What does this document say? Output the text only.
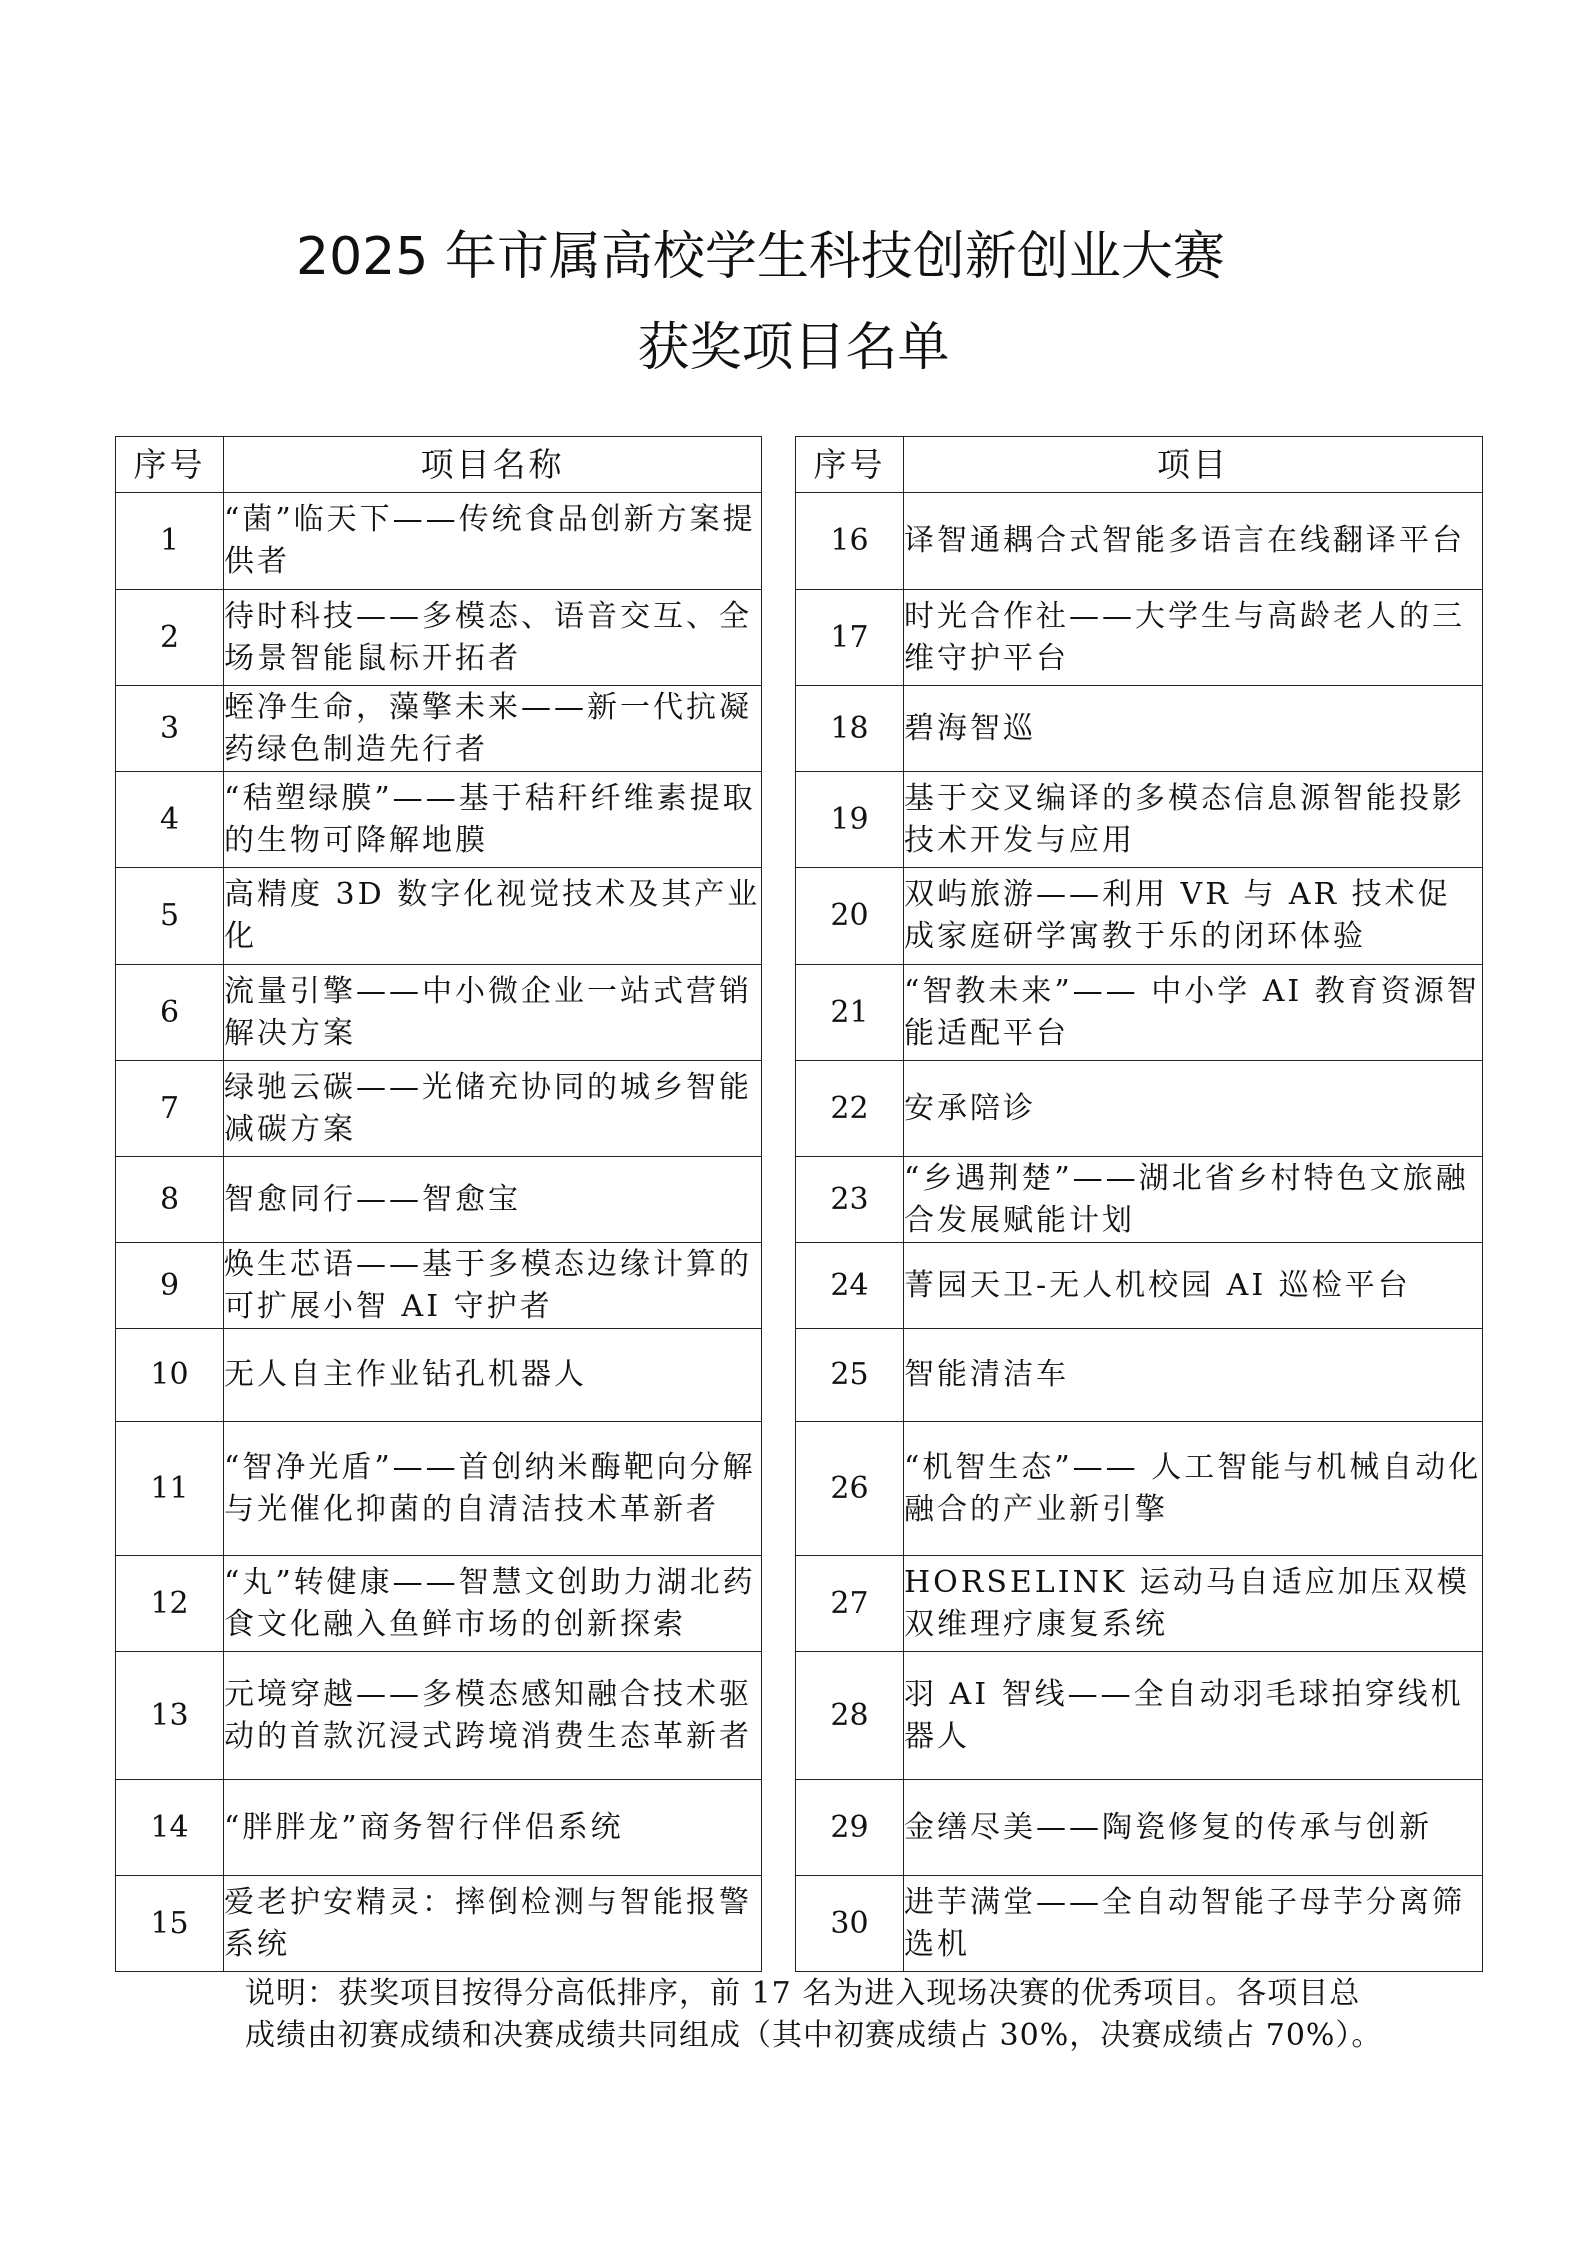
2025 年市属高校学生科技创新创业大赛
获奖项目名单
序号	项目名称
1	“菌”临天下——传统食品创新方案提供者
2	待时科技——多模态、语音交互、全场景智能鼠标开拓者
3	蛭净生命，藻擎未来——新一代抗凝药绿色制造先行者
4	“秸塑绿膜”——基于秸秆纤维素提取的生物可降解地膜
5	高精度 3D 数字化视觉技术及其产业化
6	流量引擎——中小微企业一站式营销解决方案
7	绿驰云碳——光储充协同的城乡智能减碳方案
8	智愈同行——智愈宝
9	焕生芯语——基于多模态边缘计算的可扩展小智 AI 守护者
10	无人自主作业钻孔机器人
11	“智净光盾”——首创纳米酶靶向分解与光催化抑菌的自清洁技术革新者
12	“丸”转健康——智慧文创助力湖北药食文化融入鱼鲜市场的创新探索
13	元境穿越——多模态感知融合技术驱动的首款沉浸式跨境消费生态革新者
14	“胖胖龙”商务智行伴侣系统
15	爱老护安精灵：摔倒检测与智能报警系统
序号	项目
16	译智通耦合式智能多语言在线翻译平台
17	时光合作社——大学生与高龄老人的三维守护平台
18	碧海智巡
19	基于交叉编译的多模态信息源智能投影技术开发与应用
20	双屿旅游——利用 VR 与 AR 技术促成家庭研学寓教于乐的闭环体验
21	“智教未来”—— 中小学 AI 教育资源智能适配平台
22	安承陪诊
23	“乡遇荆楚”——湖北省乡村特色文旅融合发展赋能计划
24	菁园天卫-无人机校园 AI 巡检平台
25	智能清洁车
26	“机智生态”—— 人工智能与机械自动化融合的产业新引擎
27	HORSELINK 运动马自适应加压双模双维理疗康复系统
28	羽 AI 智线——全自动羽毛球拍穿线机器人
29	金缮尽美——陶瓷修复的传承与创新
30	进芋满堂——全自动智能子母芋分离筛选机
说明：获奖项目按得分高低排序，前 17 名为进入现场决赛的优秀项目。各项目总
成绩由初赛成绩和决赛成绩共同组成（其中初赛成绩占 30%，决赛成绩占 70%）。
